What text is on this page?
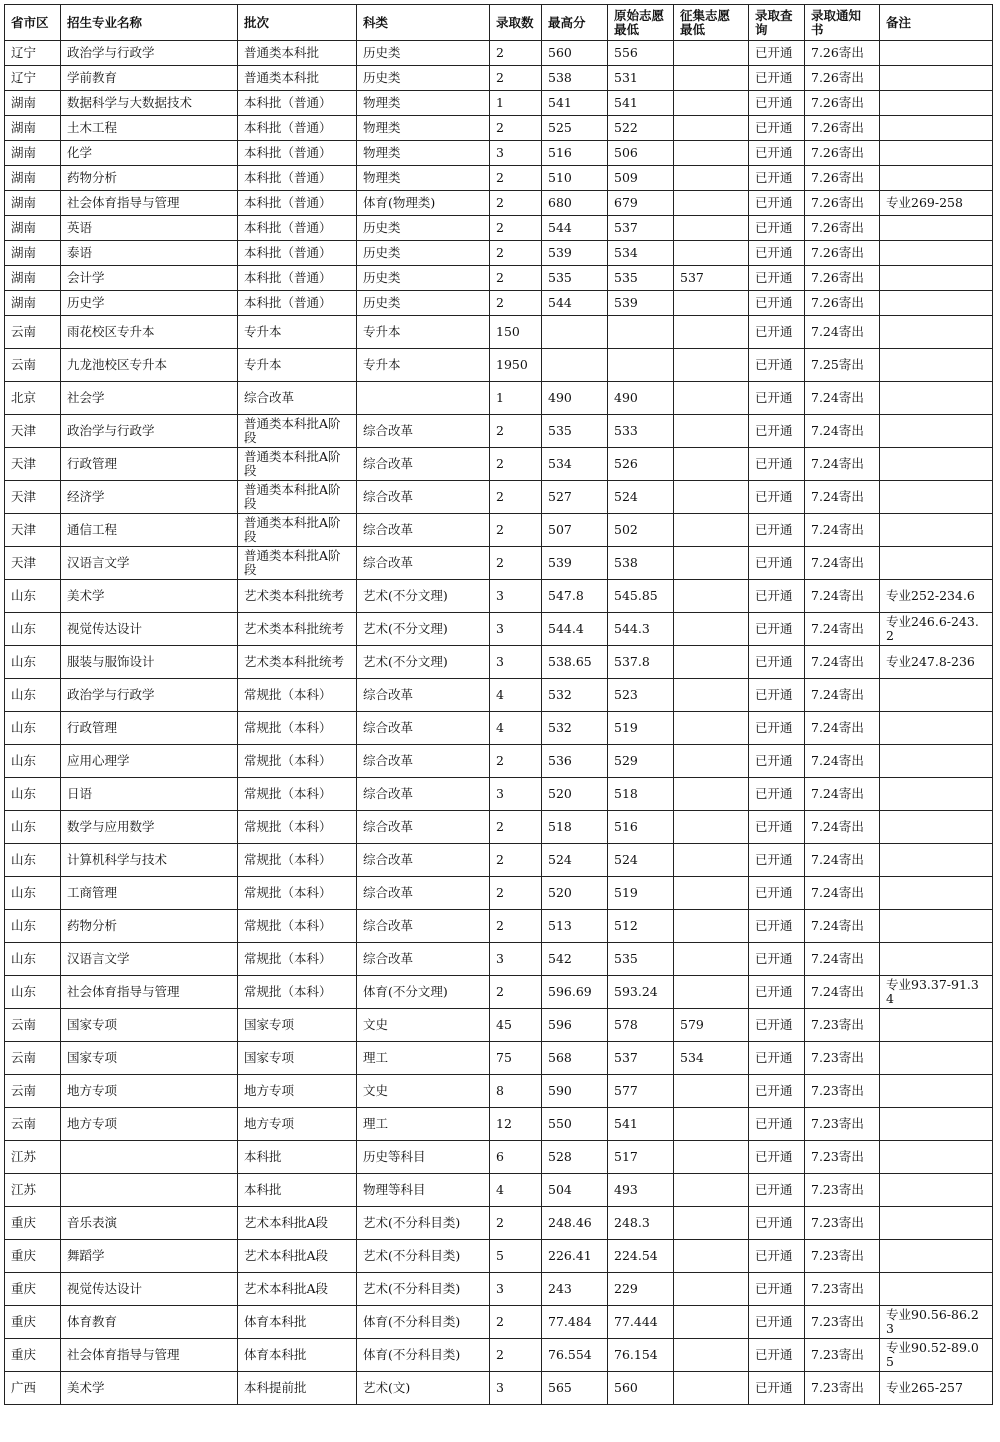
省市区	招生专业名称	批次	科类	录取数	最高分	原始志愿最低	征集志愿最低	录取查询	录取通知书	备注
辽宁	政治学与行政学	普通类本科批	历史类	2	560	556		已开通	7.26寄出	
辽宁	学前教育	普通类本科批	历史类	2	538	531		已开通	7.26寄出	
湖南	数据科学与大数据技术	本科批（普通）	物理类	1	541	541		已开通	7.26寄出	
湖南	土木工程	本科批（普通）	物理类	2	525	522		已开通	7.26寄出	
湖南	化学	本科批（普通）	物理类	3	516	506		已开通	7.26寄出	
湖南	药物分析	本科批（普通）	物理类	2	510	509		已开通	7.26寄出	
湖南	社会体育指导与管理	本科批（普通）	体育(物理类)	2	680	679		已开通	7.26寄出	专业269-258
湖南	英语	本科批（普通）	历史类	2	544	537		已开通	7.26寄出	
湖南	泰语	本科批（普通）	历史类	2	539	534		已开通	7.26寄出	
湖南	会计学	本科批（普通）	历史类	2	535	535	537	已开通	7.26寄出	
湖南	历史学	本科批（普通）	历史类	2	544	539		已开通	7.26寄出	
云南	雨花校区专升本	专升本	专升本	150				已开通	7.24寄出	
云南	九龙池校区专升本	专升本	专升本	1950				已开通	7.25寄出	
北京	社会学	综合改革		1	490	490		已开通	7.24寄出	
天津	政治学与行政学	普通类本科批A阶段	综合改革	2	535	533		已开通	7.24寄出	
天津	行政管理	普通类本科批A阶段	综合改革	2	534	526		已开通	7.24寄出	
天津	经济学	普通类本科批A阶段	综合改革	2	527	524		已开通	7.24寄出	
天津	通信工程	普通类本科批A阶段	综合改革	2	507	502		已开通	7.24寄出	
天津	汉语言文学	普通类本科批A阶段	综合改革	2	539	538		已开通	7.24寄出	
山东	美术学	艺术类本科批统考	艺术(不分文理)	3	547.8	545.85		已开通	7.24寄出	专业252-234.6
山东	视觉传达设计	艺术类本科批统考	艺术(不分文理)	3	544.4	544.3		已开通	7.24寄出	专业246.6-243.2
山东	服装与服饰设计	艺术类本科批统考	艺术(不分文理)	3	538.65	537.8		已开通	7.24寄出	专业247.8-236
山东	政治学与行政学	常规批（本科）	综合改革	4	532	523		已开通	7.24寄出	
山东	行政管理	常规批（本科）	综合改革	4	532	519		已开通	7.24寄出	
山东	应用心理学	常规批（本科）	综合改革	2	536	529		已开通	7.24寄出	
山东	日语	常规批（本科）	综合改革	3	520	518		已开通	7.24寄出	
山东	数学与应用数学	常规批（本科）	综合改革	2	518	516		已开通	7.24寄出	
山东	计算机科学与技术	常规批（本科）	综合改革	2	524	524		已开通	7.24寄出	
山东	工商管理	常规批（本科）	综合改革	2	520	519		已开通	7.24寄出	
山东	药物分析	常规批（本科）	综合改革	2	513	512		已开通	7.24寄出	
山东	汉语言文学	常规批（本科）	综合改革	3	542	535		已开通	7.24寄出	
山东	社会体育指导与管理	常规批（本科）	体育(不分文理)	2	596.69	593.24		已开通	7.24寄出	专业93.37-91.34
云南	国家专项	国家专项	文史	45	596	578	579	已开通	7.23寄出	
云南	国家专项	国家专项	理工	75	568	537	534	已开通	7.23寄出	
云南	地方专项	地方专项	文史	8	590	577		已开通	7.23寄出	
云南	地方专项	地方专项	理工	12	550	541		已开通	7.23寄出	
江苏		本科批	历史等科目	6	528	517		已开通	7.23寄出	
江苏		本科批	物理等科目	4	504	493		已开通	7.23寄出	
重庆	音乐表演	艺术本科批A段	艺术(不分科目类)	2	248.46	248.3		已开通	7.23寄出	
重庆	舞蹈学	艺术本科批A段	艺术(不分科目类)	5	226.41	224.54		已开通	7.23寄出	
重庆	视觉传达设计	艺术本科批A段	艺术(不分科目类)	3	243	229		已开通	7.23寄出	
重庆	体育教育	体育本科批	体育(不分科目类)	2	77.484	77.444		已开通	7.23寄出	专业90.56-86.23
重庆	社会体育指导与管理	体育本科批	体育(不分科目类)	2	76.554	76.154		已开通	7.23寄出	专业90.52-89.05
广西	美术学	本科提前批	艺术(文)	3	565	560		已开通	7.23寄出	专业265-257
